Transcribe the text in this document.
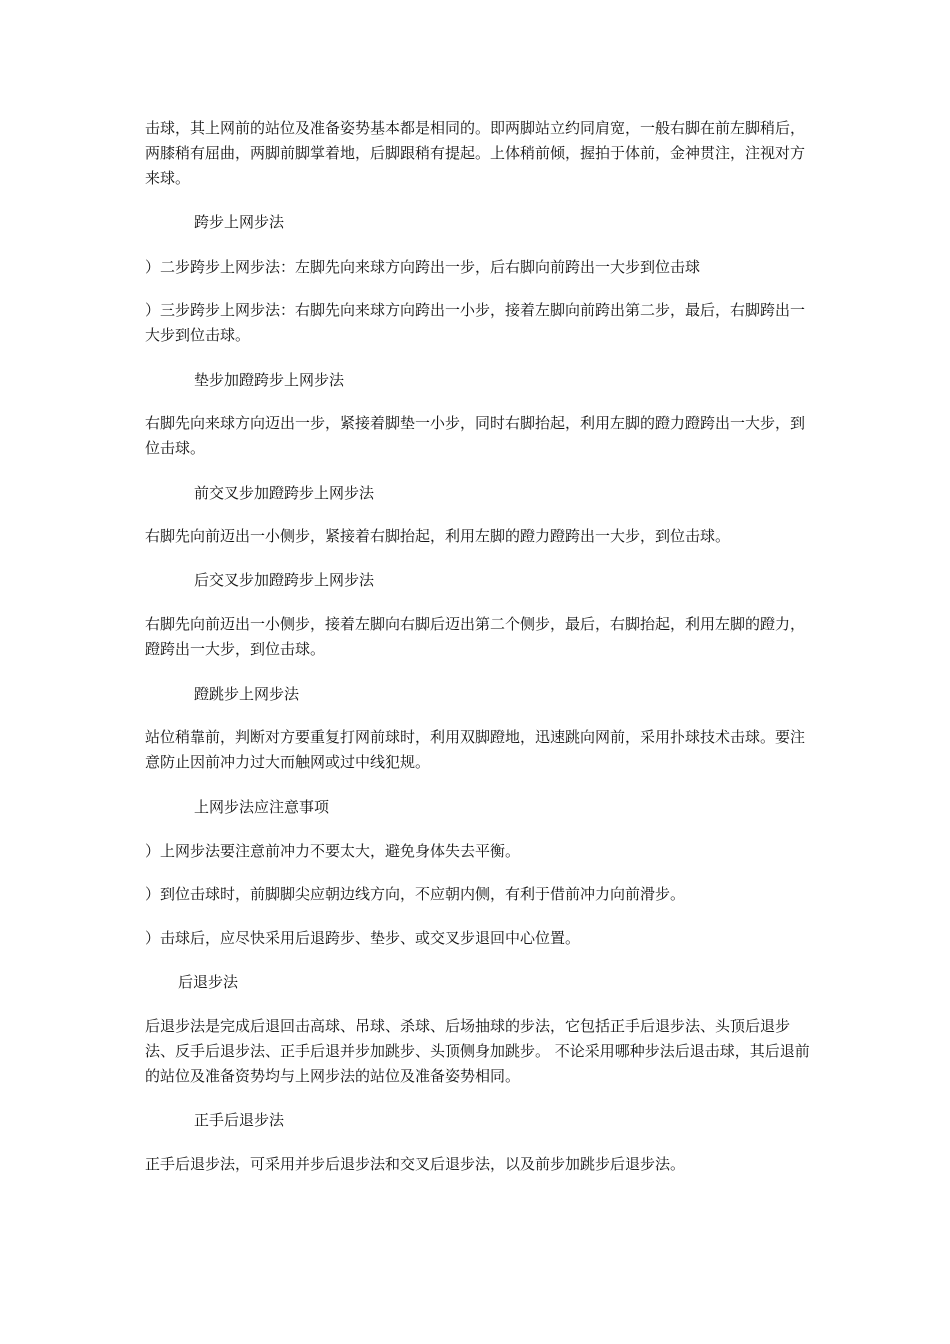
击球，其上网前的站位及准备姿势基本都是相同的。即两脚站立约同肩宽，一般右脚在前左脚稍后，两膝稍有屈曲，两脚前脚掌着地，后脚跟稍有提起。上体稍前倾，握拍于体前，金神贯注，注视对方来球。

跨步上网步法

）二步跨步上网步法：左脚先向来球方向跨出一步，后右脚向前跨出一大步到位击球

）三步跨步上网步法：右脚先向来球方向跨出一小步，接着左脚向前跨出第二步，最后，右脚跨出一大步到位击球。

垫步加蹬跨步上网步法

右脚先向来球方向迈出一步，紧接着脚垫一小步，同时右脚抬起，利用左脚的蹬力蹬跨出一大步，到位击球。

前交叉步加蹬跨步上网步法

右脚先向前迈出一小侧步，紧接着右脚抬起，利用左脚的蹬力蹬跨出一大步，到位击球。

后交叉步加蹬跨步上网步法

右脚先向前迈出一小侧步，接着左脚向右脚后迈出第二个侧步，最后，右脚抬起，利用左脚的蹬力，蹬跨出一大步，到位击球。

蹬跳步上网步法

站位稍靠前，判断对方要重复打网前球时，利用双脚蹬地，迅速跳向网前，采用扑球技术击球。要注意防止因前冲力过大而触网或过中线犯规。

上网步法应注意事项

）上网步法要注意前冲力不要太大，避免身体失去平衡。

）到位击球时，前脚脚尖应朝边线方向，不应朝内侧，有利于借前冲力向前滑步。

）击球后，应尽快采用后退跨步、垫步、或交叉步退回中心位置。

后退步法

后退步法是完成后退回击高球、吊球、杀球、后场抽球的步法，它包括正手后退步法、头顶后退步法、反手后退步法、正手后退并步加跳步、头顶侧身加跳步。 不论采用哪种步法后退击球，其后退前的站位及准备资势均与上网步法的站位及准备姿势相同。

正手后退步法

正手后退步法，可采用并步后退步法和交叉后退步法，以及前步加跳步后退步法。
